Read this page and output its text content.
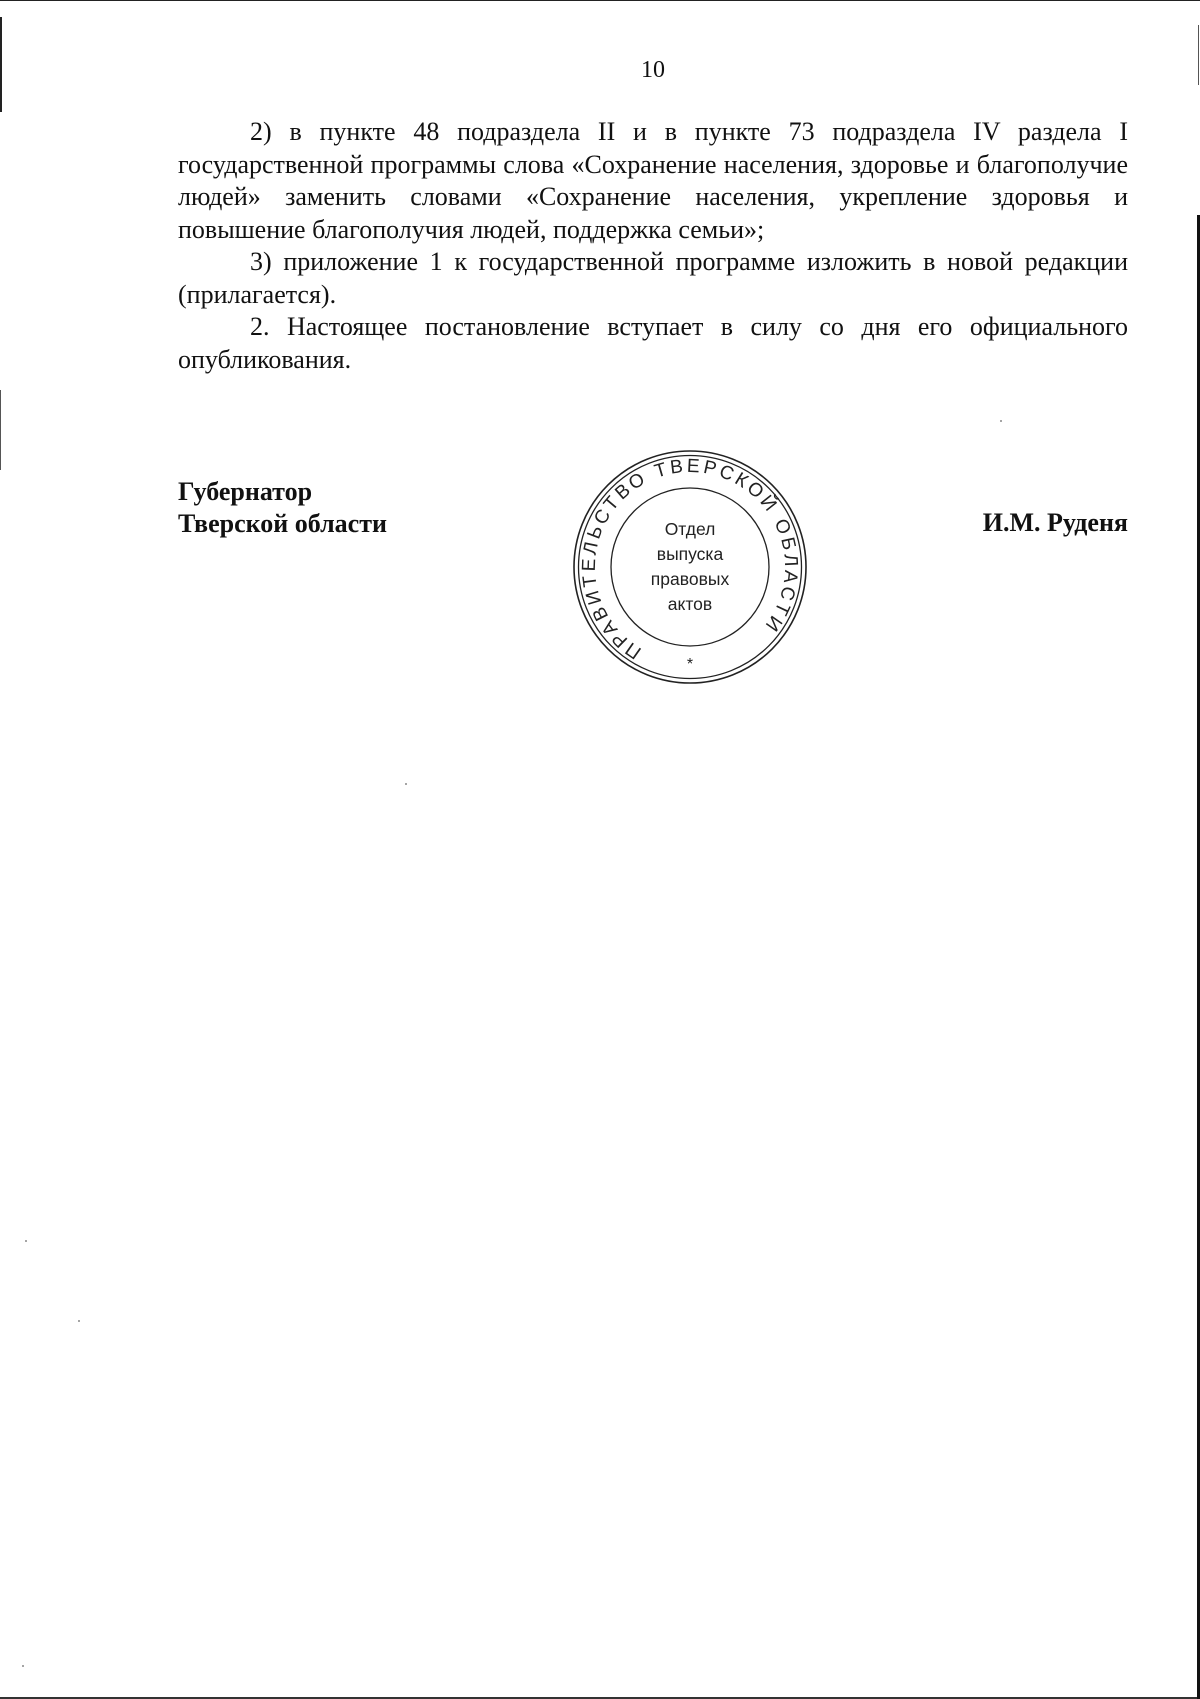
10

2) в пункте 48 подраздела II и в пункте 73 подраздела IV раздела I государственной программы слова «Сохранение населения, здоровье и благополучие людей» заменить словами «Сохранение населения, укрепление здоровья и повышение благополучия людей, поддержка семьи»;

3) приложение 1 к государственной программе изложить в новой редакции (прилагается).

2. Настоящее постановление вступает в силу со дня его официального опубликования.

Губернатор
Тверской области
ПРАВИТЕЛЬСТВО ТВЕРСКОЙ ОБЛАСТИ
*
Отдел
выпуска
правовых
актов
И.М. Руденя
